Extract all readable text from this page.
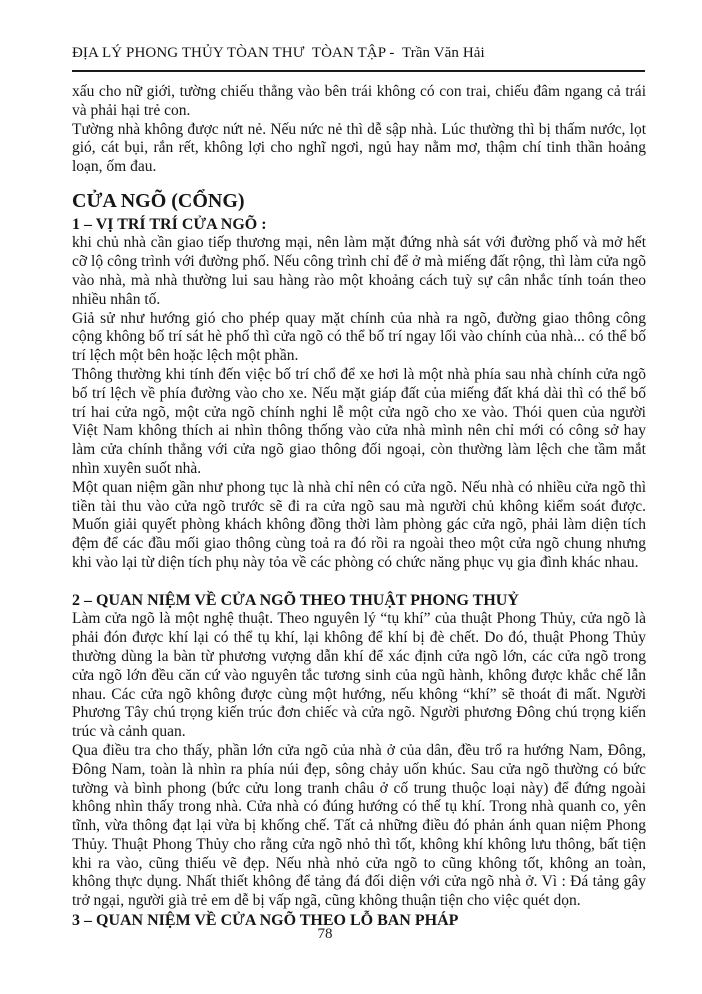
ĐỊA LÝ PHONG THỦY TÒAN THƯ  TÒAN TẬP -  Trần Văn Hải

xấu cho nữ giới, tường chiếu thẳng vào bên trái không có con trai, chiếu đâm ngang cả trái và phải hại trẻ con.

Tường nhà không được nứt nẻ. Nếu nức nẻ thì dễ sập nhà. Lúc thường thì bị thấm nước, lọt gió, cát bụi, rắn rết, không lợi cho nghĩ ngơi, ngủ hay nằm mơ, thậm chí tinh thần hoảng loạn, ốm đau.

CỬA NGÕ (CỔNG)
1 – VỊ TRÍ TRÍ CỬA NGÕ :

khi chủ nhà cần giao tiếp thương mại, nên làm mặt đứng nhà sát với đường phố và mở hết cỡ lộ công trình với đường phố. Nếu công trình chỉ để ở mà miếng đất rộng, thì làm cửa ngõ vào nhà, mà nhà thường lui sau hàng rào một khoảng cách tuỳ sự cân nhắc tính toán theo nhiều nhân tố.

Giả sử như hướng gió cho phép quay mặt chính của nhà ra ngõ, đường giao thông công cộng không bố trí sát hè phố thì cửa ngõ có thể bố trí ngay lối vào chính của nhà... có thể bố trí lệch một bên hoặc lệch một phần.

Thông thường khi tính đến việc bố trí chổ để xe hơi là một nhà phía sau nhà chính cửa ngõ bố trí lệch về phía đường vào cho xe. Nếu mặt giáp đất của miếng đất khá dài thì có thể bố trí hai cửa ngõ, một cửa ngõ chính nghi lễ một cửa ngõ cho xe vào. Thói quen của người Việt Nam không thích ai nhìn thông thống vào cửa nhà mình nên chỉ mới có công sở hay làm cửa chính thẳng với cửa ngõ giao thông đối ngoại, còn thường làm lệch che tầm mắt nhìn xuyên suốt nhà.

Một quan niệm gần như phong tục là nhà chỉ nên có cửa ngõ. Nếu nhà có nhiều cửa ngõ thì tiền tài thu vào cửa ngõ trước sẽ đi ra cửa ngõ sau mà người chủ không kiểm soát được. Muốn giải quyết phòng khách không đồng thời làm phòng gác cửa ngõ, phải làm diện tích đệm để các đầu mối giao thông cùng toả ra đó rồi ra ngoài theo một cửa ngõ chung nhưng khi vào lại từ diện tích phụ này tỏa về các phòng có chức năng phục vụ gia đình khác nhau.

2 – QUAN NIỆM VỀ CỬA NGÕ THEO THUẬT PHONG THUỶ

Làm cửa ngõ là một nghệ thuật. Theo nguyên lý “tụ khí” của thuật Phong Thủy, cửa ngõ là phải đón được khí lại có thể tụ khí, lại không để khí bị đè chết. Do đó, thuật Phong Thủy thường dùng la bàn từ phương vượng dẫn khí để xác định cửa ngõ lớn, các cửa ngõ trong cửa ngõ lớn đều căn cứ vào nguyên tắc tương sinh của ngũ hành, không được khắc chế lẫn nhau. Các cửa ngõ không được cùng một hướng, nếu không “khí” sẽ thoát đi mất. Người Phương Tây chú trọng kiến trúc đơn chiếc và cửa ngõ. Người phương Đông chú trọng kiến trúc và cảnh quan.

Qua điều tra cho thấy, phần lớn cửa ngõ của nhà ở của dân, đều trổ ra hướng Nam, Đông, Đông Nam, toàn là nhìn ra phía núi đẹp, sông chảy uốn khúc. Sau cửa ngõ thường có bức tường và bình phong (bức cửu long tranh châu ở cố trung thuộc loại này) để đứng ngoài không nhìn thấy trong nhà. Cửa nhà có đúng hướng có thế tụ khí. Trong nhà quanh co, yên tĩnh, vừa thông đạt lại vừa bị khống chế. Tất cả những điều đó phản ánh quan niệm Phong Thủy. Thuật Phong Thủy cho rằng cửa ngõ nhỏ thì tốt, không khí không lưu thông, bất tiện khi ra vào, cũng thiếu vẽ đẹp. Nếu nhà nhỏ cửa ngõ to cũng không tốt, không an toàn, không thực dụng. Nhất thiết không để tảng đá đối diện với cửa ngõ nhà ở. Vì : Đá tảng gây trở ngại, người già trẻ em dễ bị vấp ngã, cũng không thuận tiện cho việc quét dọn.

3 – QUAN NIỆM VỀ CỬA NGÕ THEO LỖ BAN PHÁP
78
